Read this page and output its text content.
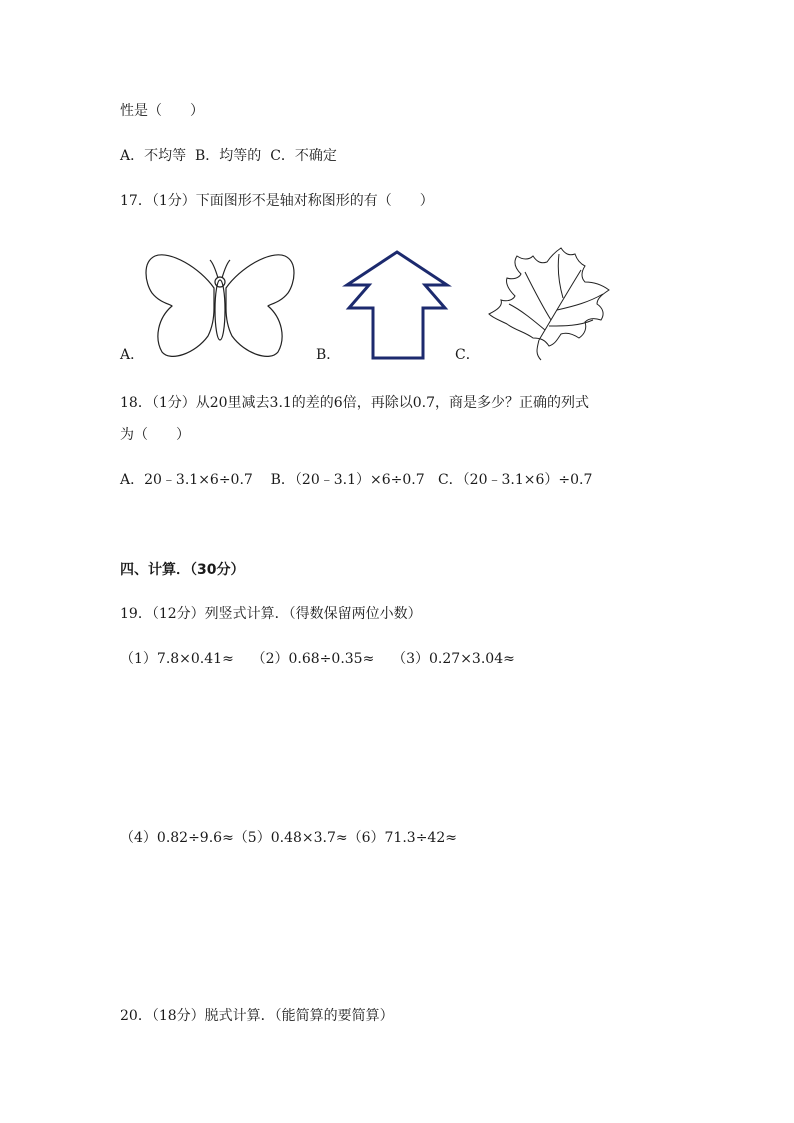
性是（　　）
A．不均等  B．均等的  C．不确定
17．（1分）下面图形不是轴对称图形的有（　　）
A．	B．	C．
18．（1分）从20里减去3.1的差的6倍，再除以0.7，商是多少？正确的列式
为（　　）
A．20﹣3.1×6÷0.7    B．（20﹣3.1）×6÷0.7   C．（20﹣3.1×6）÷0.7
四、计算．（30分）
19．（12分）列竖式计算．（得数保留两位小数）
（1）7.8×0.41≈    （2）0.68÷0.35≈    （3）0.27×3.04≈
（4）0.82÷9.6≈（5）0.48×3.7≈（6）71.3÷42≈
20．（18分）脱式计算．（能简算的要简算）
